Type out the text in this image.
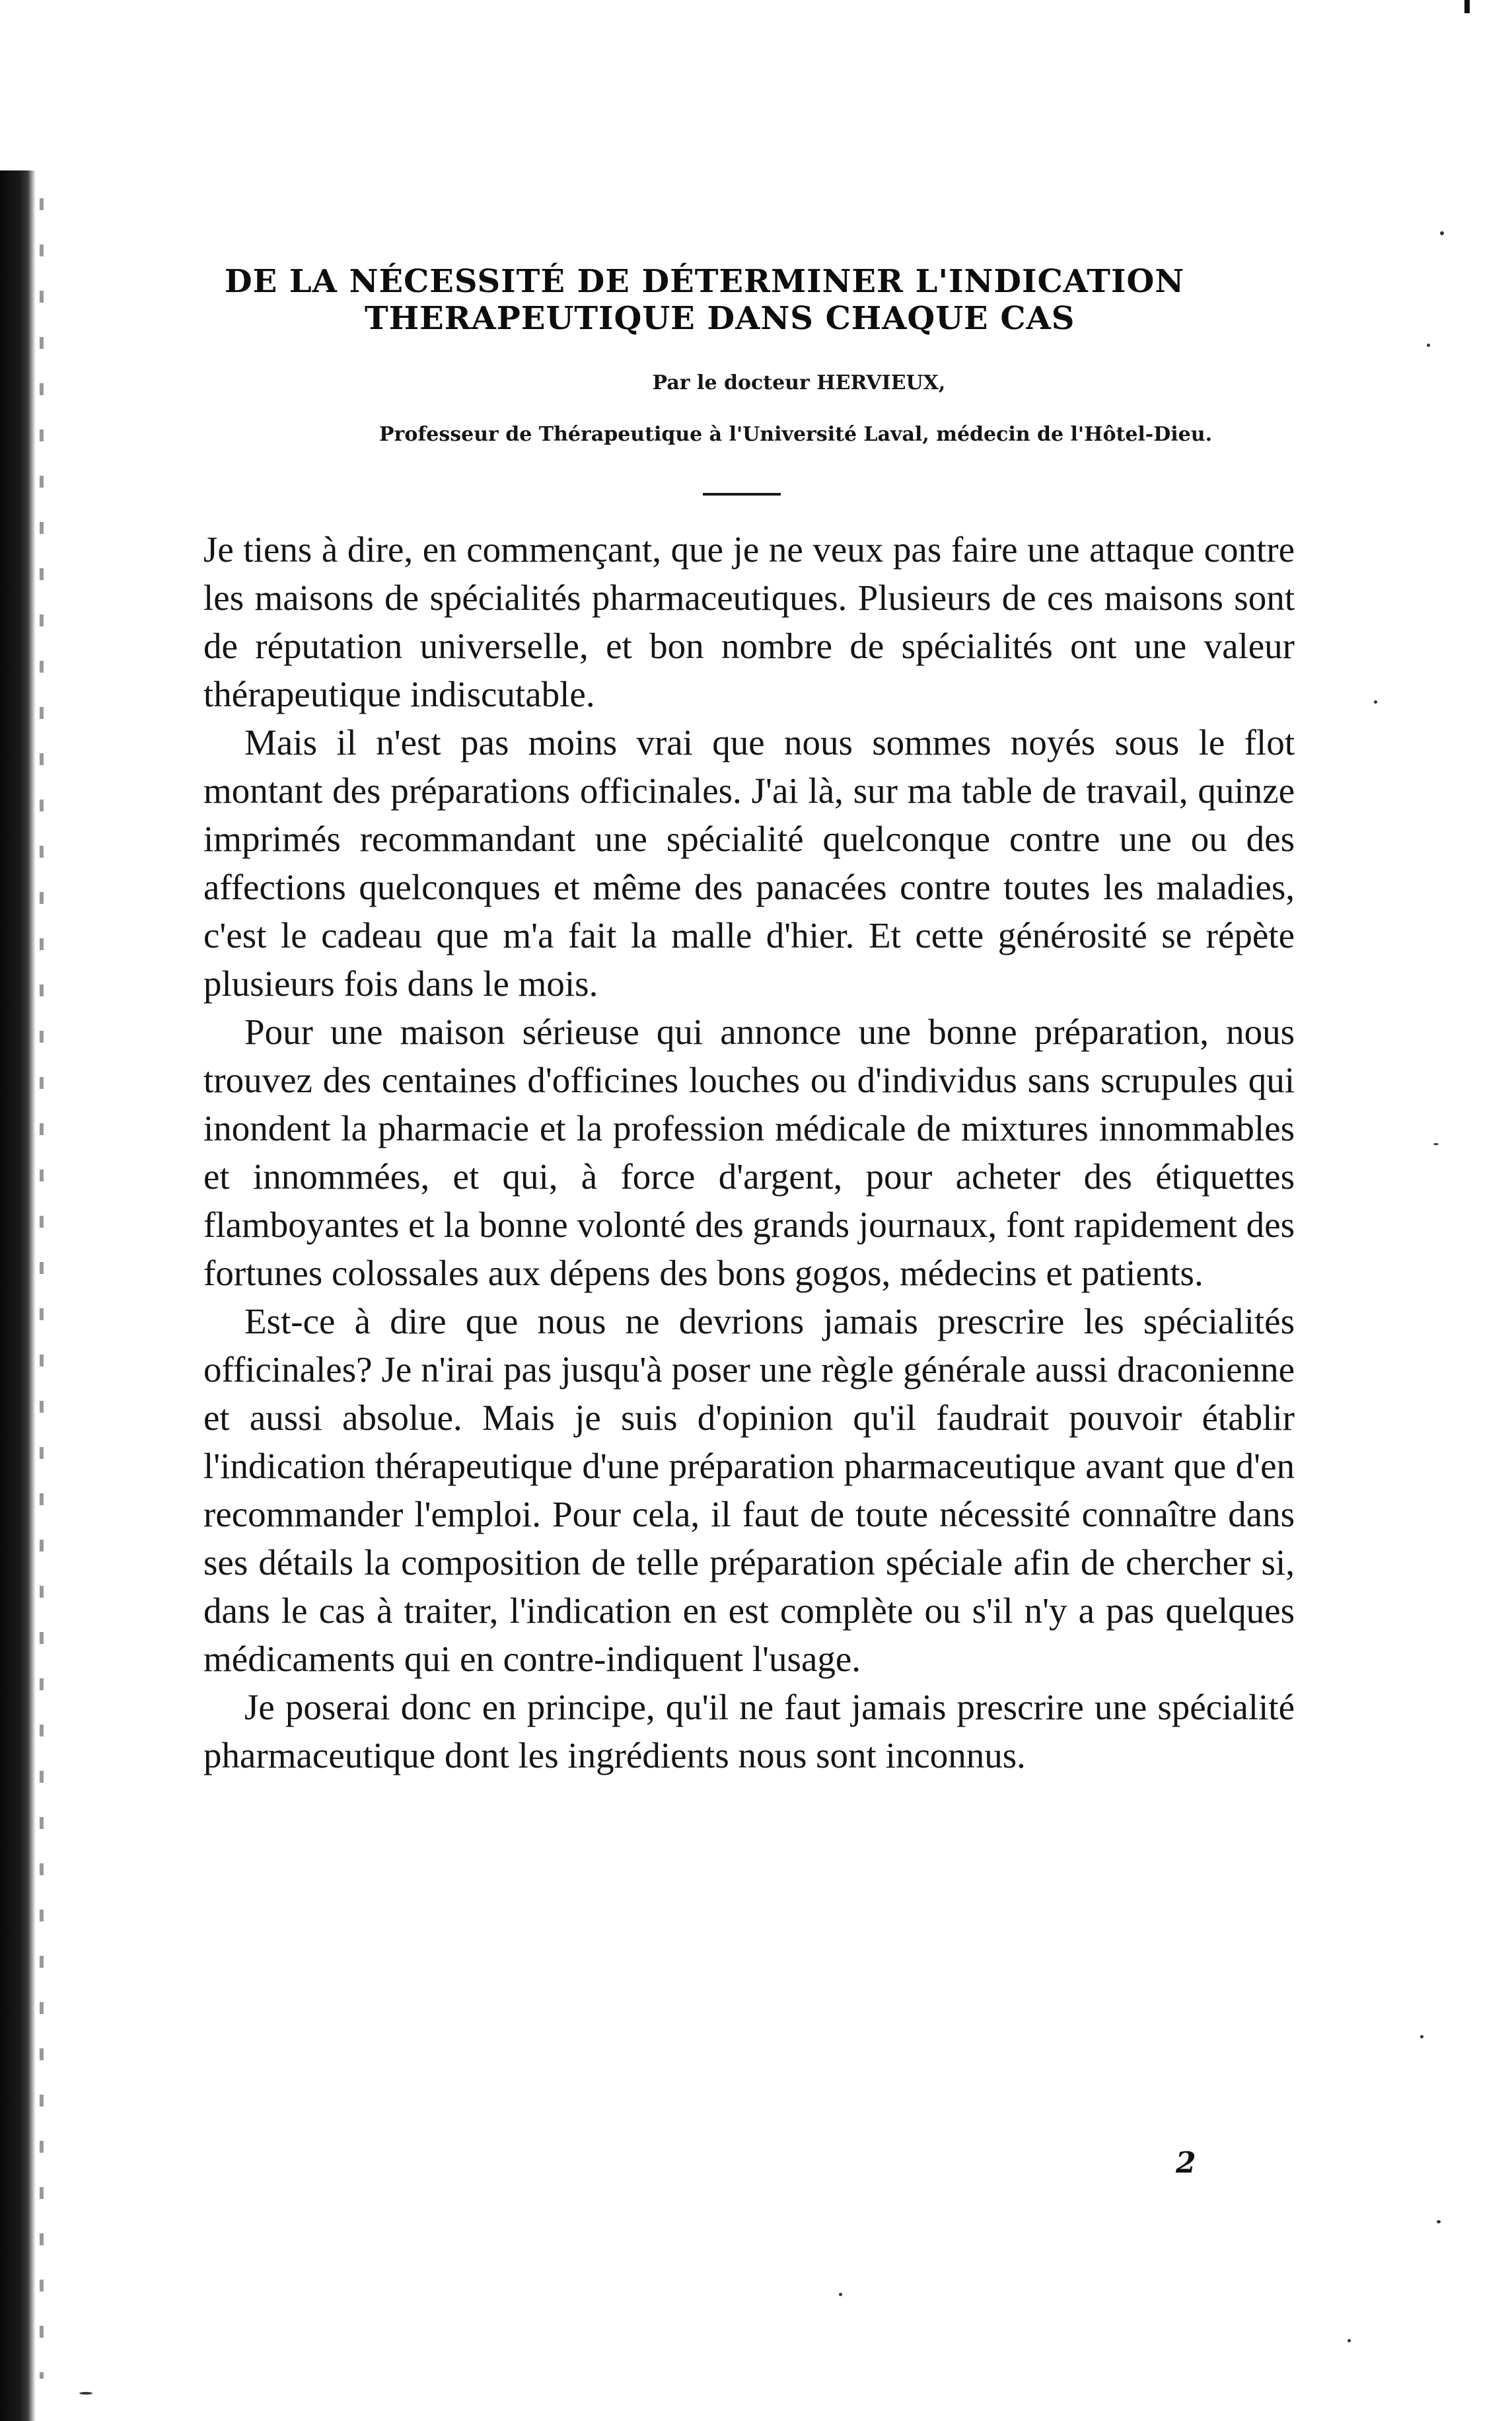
DE LA NÉCESSITÉ DE DÉTERMINER L'INDICATION
THERAPEUTIQUE DANS CHAQUE CAS
Par le docteur HERVIEUX,
Professeur de Thérapeutique à l'Université Laval, médecin de l'Hôtel-Dieu.

Je tiens à dire, en commençant, que je ne veux pas faire une attaque contre les maisons de spécialités pharmaceutiques. Plusieurs de ces maisons sont de réputation universelle, et bon nombre de spécialités ont une valeur thérapeutique indiscutable.

Mais il n'est pas moins vrai que nous sommes noyés sous le flot montant des préparations officinales. J'ai là, sur ma table de travail, quinze imprimés recommandant une spécialité quelconque contre une ou des affections quelconques et même des panacées contre toutes les maladies, c'est le cadeau que m'a fait la malle d'hier. Et cette générosité se répète plusieurs fois dans le mois.

Pour une maison sérieuse qui annonce une bonne préparation, nous trouvez des centaines d'officines louches ou d'individus sans scrupules qui inondent la pharmacie et la profession médicale de mixtures innommables et innommées, et qui, à force d'argent, pour acheter des étiquettes flamboyantes et la bonne volonté des grands journaux, font rapidement des fortunes colossales aux dépens des bons gogos, médecins et patients.

Est-ce à dire que nous ne devrions jamais prescrire les spécialités officinales? Je n'irai pas jusqu'à poser une règle générale aussi draconienne et aussi absolue. Mais je suis d'opinion qu'il faudrait pouvoir établir l'indication thérapeutique d'une préparation pharmaceutique avant que d'en recommander l'emploi. Pour cela, il faut de toute nécessité connaître dans ses détails la composition de telle préparation spéciale afin de chercher si, dans le cas à traiter, l'indication en est complète ou s'il n'y a pas quelques médicaments qui en contre-indiquent l'usage.

Je poserai donc en principe, qu'il ne faut jamais prescrire une spécialité pharmaceutique dont les ingrédients nous sont inconnus.

2
